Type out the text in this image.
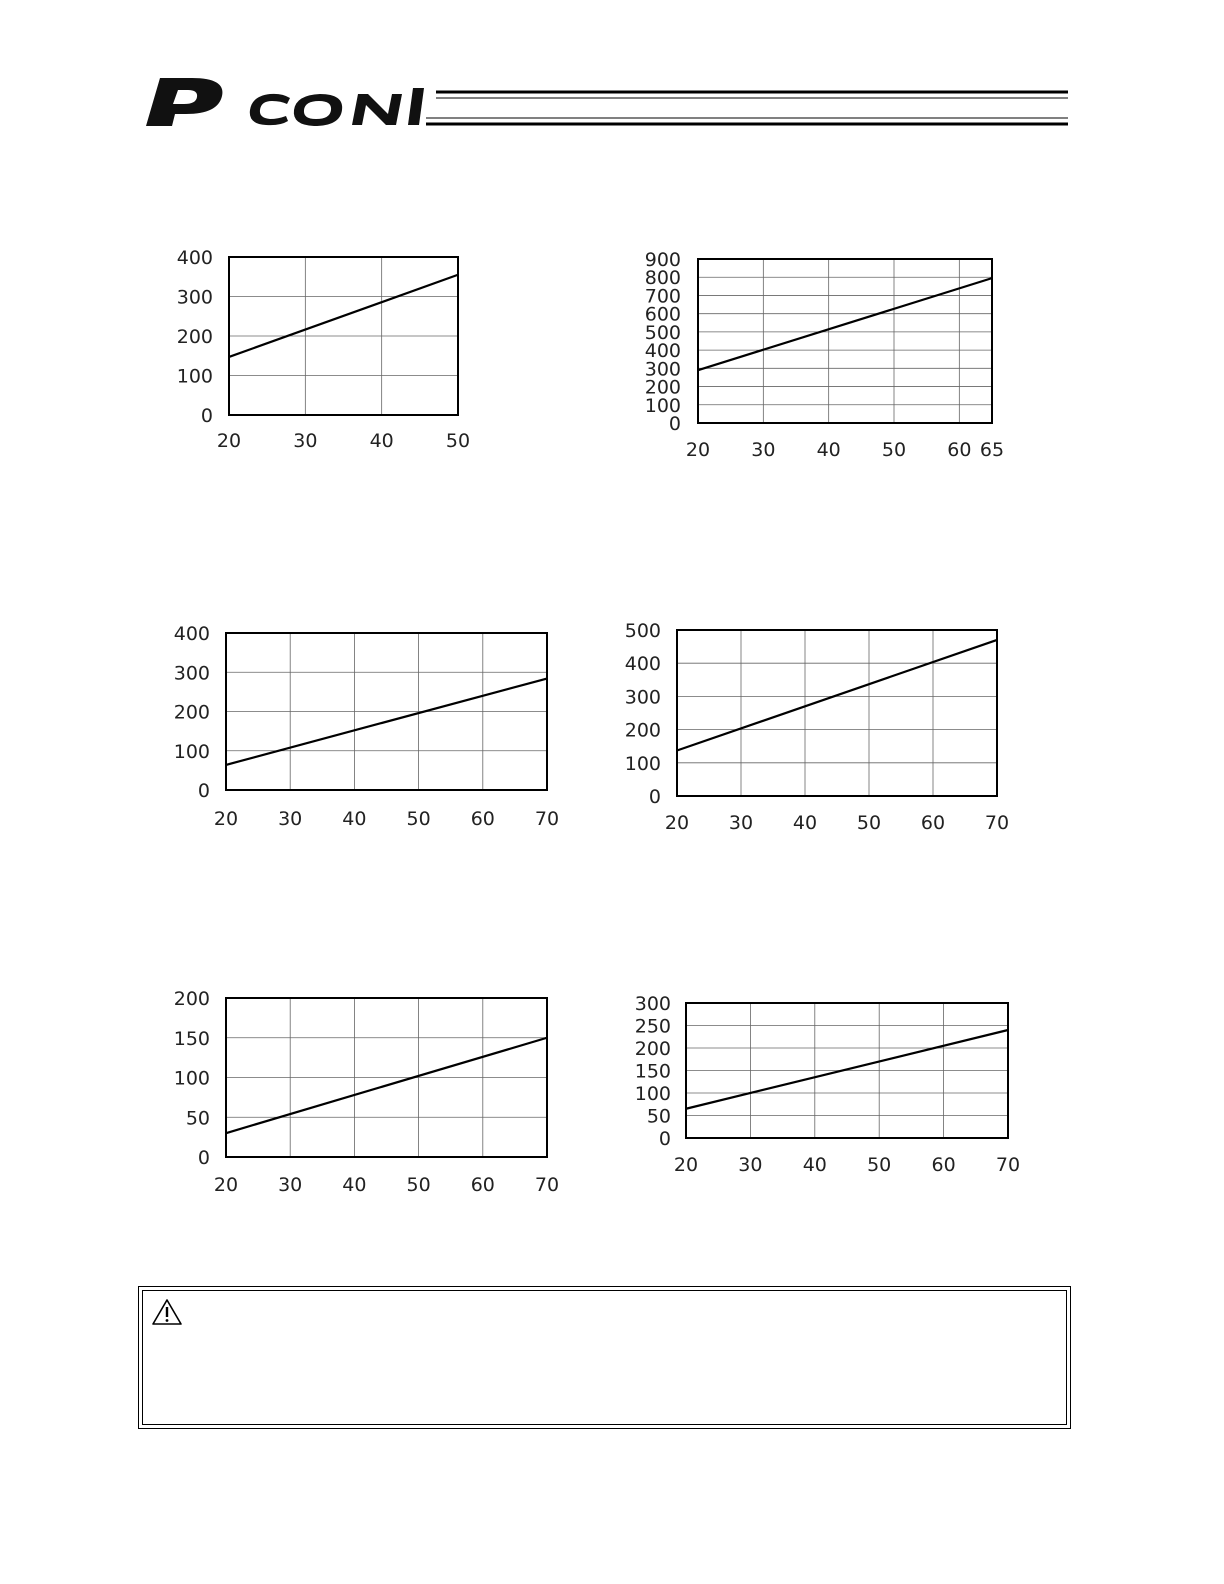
20	30	40	50
0
100
200
300
400
20 30 40 50 60 65
0
100
200
300
400
500
600
700
800
900
20 30 40 50 60 70
0
100
200
300
400
20 30 40 50 60 70
0
100
200
300
400
500
20 30 40 50 60 70
0
50
100
150
200
20 30 40 50 60 70
0
50
100
150
200
250
300
